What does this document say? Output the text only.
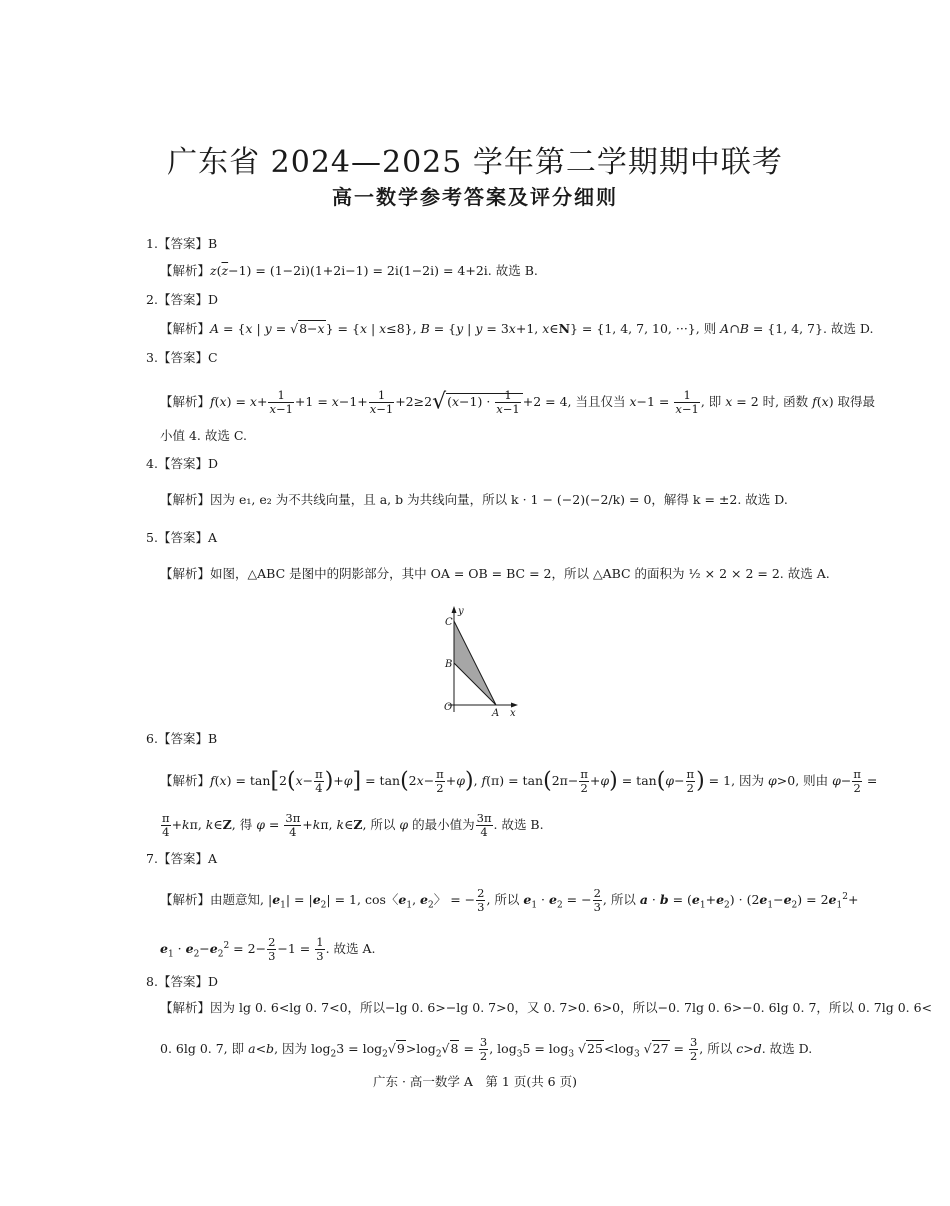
广东省 2024—2025 学年第二学期期中联考
高一数学参考答案及评分细则
1.【答案】B
【解析】$z(\overline{z}-1) = (1-2i)(1+2i-1) = 2i(1-2i) = 4+2i$. 故选 B.
2.【答案】D
【解析】A = {x | y = √8−x} = {x | x≤8}, B = {y | y = 3x+1, x∈N} = {1, 4, 7, 10, ···}, 则 A∩B = {1, 4, 7}. 故选 D.
3.【答案】C
【解析】$f(x) = x+ \frac{1}{x-1} +1 = x-1+ \frac{1}{x-1} +2\ge 2√(x-1) \cdot \frac{1}{x-1} +2 = 4$, 当且仅当 $x-1 = \frac{1}{x-1}$ , 即 x = 2 时, 函数 f(x) 取得最
小值 4. 故选 C.
4.【答案】D
【解析】因为 e₁, e₂ 为不共线向量，且 a, b 为共线向量，所以 k · 1 − (−2)(−2/k) = 0，解得 k = ±2. 故选 D.
5.【答案】A
【解析】如图，△ABC 是图中的阴影部分，其中 OA = OB = BC = 2，所以 △ABC 的面积为 ½ × 2 × 2 = 2. 故选 A.
y
C
B
O
A x
6.【答案】B
【解析】$f(x) = \tan[2(x- \frac{\pi}{4} )+\varphi] = \tan(2x- \frac{\pi}{2} +\varphi)$, $f(\pi) = \tan(2\pi- \frac{\pi}{2} +\varphi) = \tan(\varphi- \frac{\pi}{2}$ ) = 1, 因为 φ>0, 则由 $\varphi- \frac{\pi}{2}$ =
$\frac{\pi}{4} +k\pi$, k∈Z, 得 $\varphi = \frac{3\pi}{4} +k\pi$, k∈Z, 所以 φ 的最小值为 $\frac{3\pi}{4}$ . 故选 B.
7.【答案】A
【解析】由题意知, $|e_1| = |e_2| = 1$, cos〈$e_1$, $e_2$〉 = − $\frac{2}{3}$ , 所以 $e_1 \cdot e_2$ = − $\frac{2}{3}$ , 所以 $a \cdot b = (e_1+e_2) \cdot (2e_1-e_2) = 2e_1^2+$
$e_1 \cdot e_2-e_2^2 = 2- \frac{2}{3} -1 = \frac{1}{3}$ . 故选 A.
8.【答案】D
【解析】因为 lg 0. 6<lg 0. 7<0，所以−lg 0. 6>−lg 0. 7>0，又 0. 7>0. 6>0，所以−0. 7lg 0. 6>−0. 6lg 0. 7，所以 0. 7lg 0. 6<
0. 6lg 0. 7, 即 a<b, 因为 $\log_23 = \log_2√9>\log_2√8 = \frac{3}{2}$ , $\log_35 = \log_3 √25<\log_3$ $√27 = \frac{3}{2}$ , 所以 c>d. 故选 D.
广东 · 高一数学 A　第 1 页(共 6 页)
